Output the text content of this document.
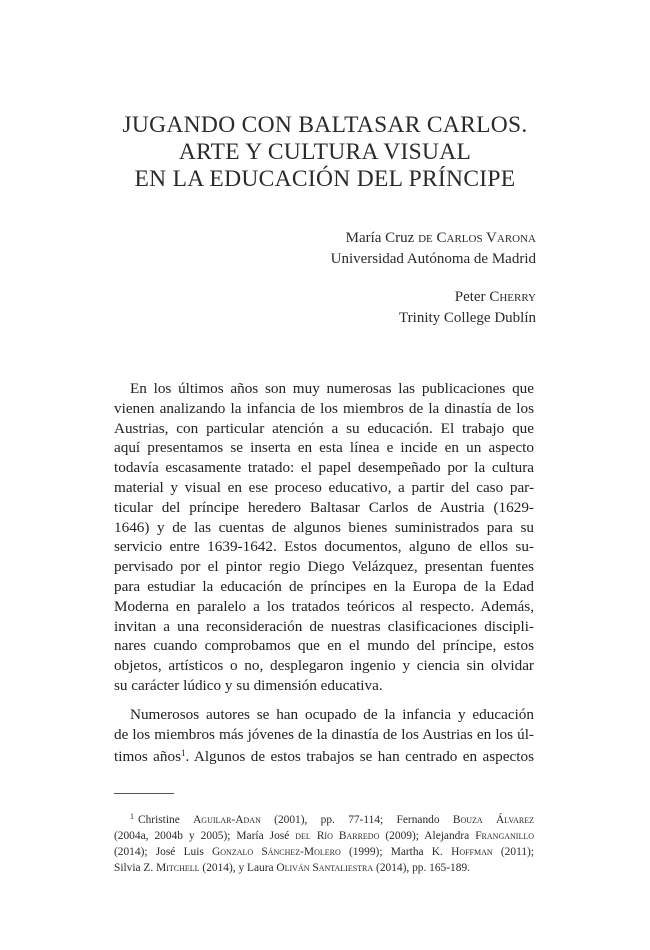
JUGANDO CON BALTASAR CARLOS.
ARTE Y CULTURA VISUAL
EN LA EDUCACIÓN DEL PRÍNCIPE
María Cruz de Carlos Varona
Universidad Autónoma de Madrid
Peter Cherry
Trinity College Dublín
En los últimos años son muy numerosas las publicaciones que
vienen analizando la infancia de los miembros de la dinastía de los
Austrias, con particular atención a su educación. El trabajo que
aquí presentamos se inserta en esta línea e incide en un aspecto
todavía escasamente tratado: el papel desempeñado por la cultura
material y visual en ese proceso educativo, a partir del caso par-
ticular del príncipe heredero Baltasar Carlos de Austria (1629-
1646) y de las cuentas de algunos bienes suministrados para su
servicio entre 1639-1642. Estos documentos, alguno de ellos su-
pervisado por el pintor regio Diego Velázquez, presentan fuentes
para estudiar la educación de príncipes en la Europa de la Edad
Moderna en paralelo a los tratados teóricos al respecto. Además,
invitan a una reconsideración de nuestras clasificaciones discipli-
nares cuando comprobamos que en el mundo del príncipe, estos
objetos, artísticos o no, desplegaron ingenio y ciencia sin olvidar
su carácter lúdico y su dimensión educativa.
Numerosos autores se han ocupado de la infancia y educación
de los miembros más jóvenes de la dinastía de los Austrias en los úl-
timos años$^1$. Algunos de estos trabajos se han centrado en aspectos
$^1$ Christine Aguilar-Adan (2001), pp. 77-114; Fernando Bouza Álvarez
(2004a, 2004b y 2005); María José del Río Barredo (2009); Alejandra Franganillo
(2014); José Luis Gonzalo Sánchez-Molero (1999); Martha K. Hoffman (2011);
Silvia Z. Mitchell (2014), y Laura Oliván Santaliestra (2014), pp. 165-189.
